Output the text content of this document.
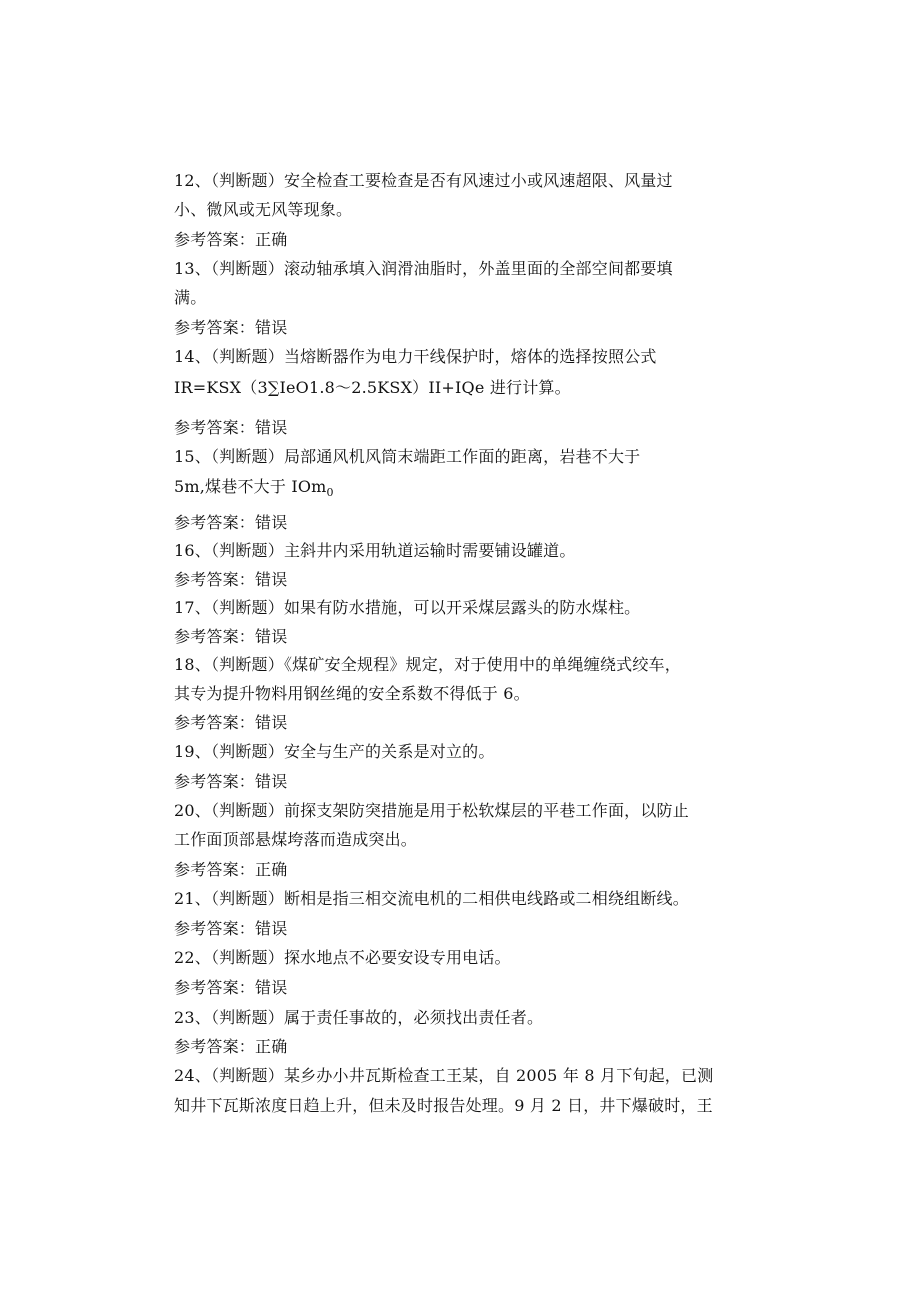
12、（判断题）安全检查工要检查是否有风速过小或风速超限、风量过
小、微风或无风等现象。
参考答案：正确
13、（判断题）滚动轴承填入润滑油脂时，外盖里面的全部空间都要填
满。
参考答案：错误
14、（判断题）当熔断器作为电力干线保护时，熔体的选择按照公式
IR=KSX（3∑IeO1.8～2.5KSX）II+IQe 进行计算。
参考答案：错误
15、（判断题）局部通风机风筒末端距工作面的距离，岩巷不大于
5m,煤巷不大于 IOm$_0$
参考答案：错误
16、（判断题）主斜井内采用轨道运输时需要铺设罐道。
参考答案：错误
17、（判断题）如果有防水措施，可以开采煤层露头的防水煤柱。
参考答案：错误
18、（判断题）《煤矿安全规程》规定，对于使用中的单绳缠绕式绞车，
其专为提升物料用钢丝绳的安全系数不得低于 6。
参考答案：错误
19、（判断题）安全与生产的关系是对立的。
参考答案：错误
20、（判断题）前探支架防突措施是用于松软煤层的平巷工作面，以防止
工作面顶部悬煤垮落而造成突出。
参考答案：正确
21、（判断题）断相是指三相交流电机的二相供电线路或二相绕组断线。
参考答案：错误
22、（判断题）探水地点不必要安设专用电话。
参考答案：错误
23、（判断题）属于责任事故的，必须找出责任者。
参考答案：正确
24、（判断题）某乡办小井瓦斯检查工王某，自 2005 年 8 月下旬起，已测
知井下瓦斯浓度日趋上升，但未及时报告处理。9 月 2 日，井下爆破时，王
